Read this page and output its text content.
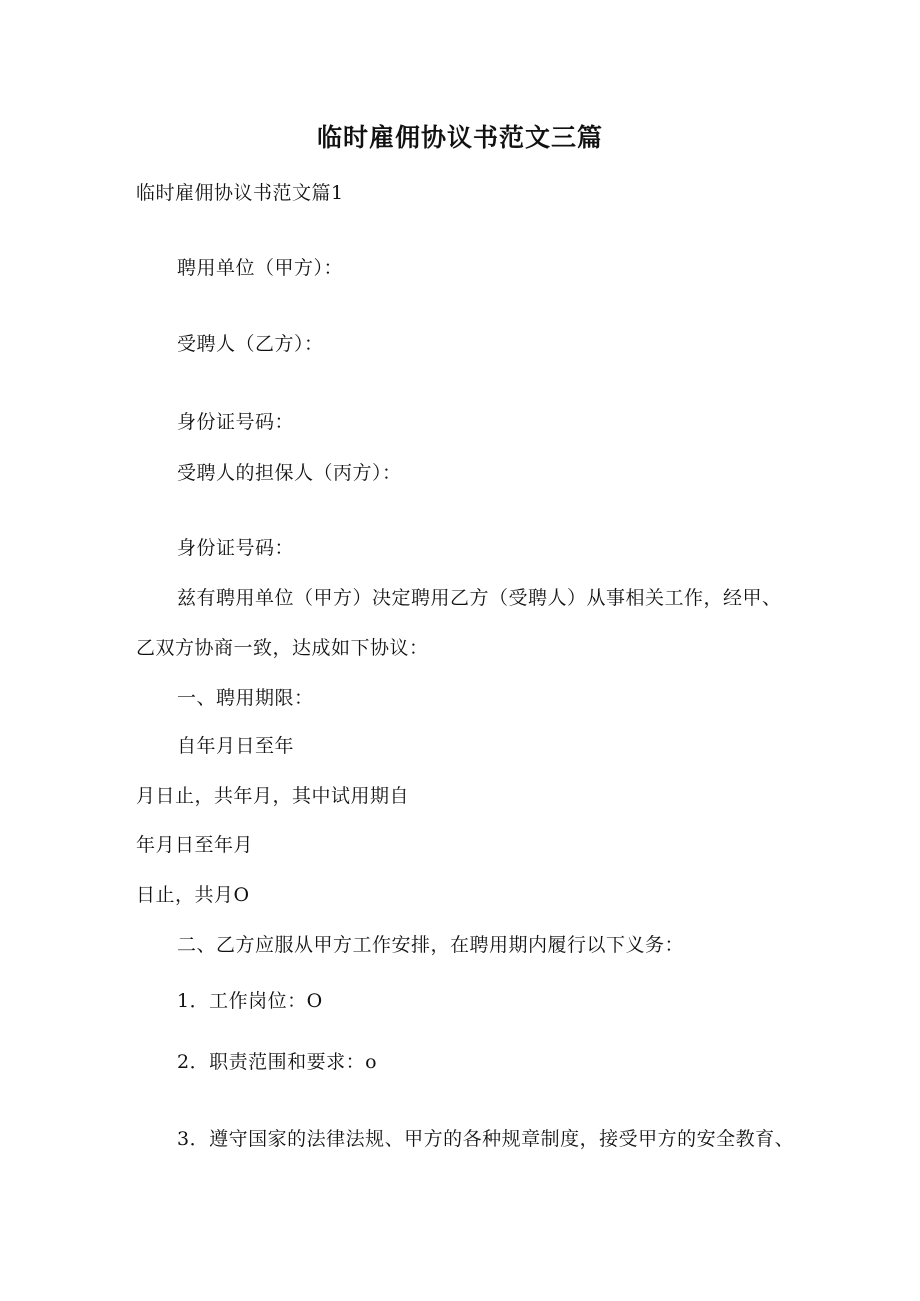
临时雇佣协议书范文三篇

临时雇佣协议书范文篇1

聘用单位（甲方）：

受聘人（乙方）：

身份证号码：

受聘人的担保人（丙方）：

身份证号码：

兹有聘用单位（甲方）决定聘用乙方（受聘人）从事相关工作，经甲、

乙双方协商一致，达成如下协议：

一、聘用期限：

自年月日至年

月日止，共年月，其中试用期自

年月日至年月

日止，共月O

二、乙方应服从甲方工作安排，在聘用期内履行以下义务：

1．工作岗位：O

2．职责范围和要求：o

3．遵守国家的法律法规、甲方的各种规章制度，接受甲方的安全教育、
